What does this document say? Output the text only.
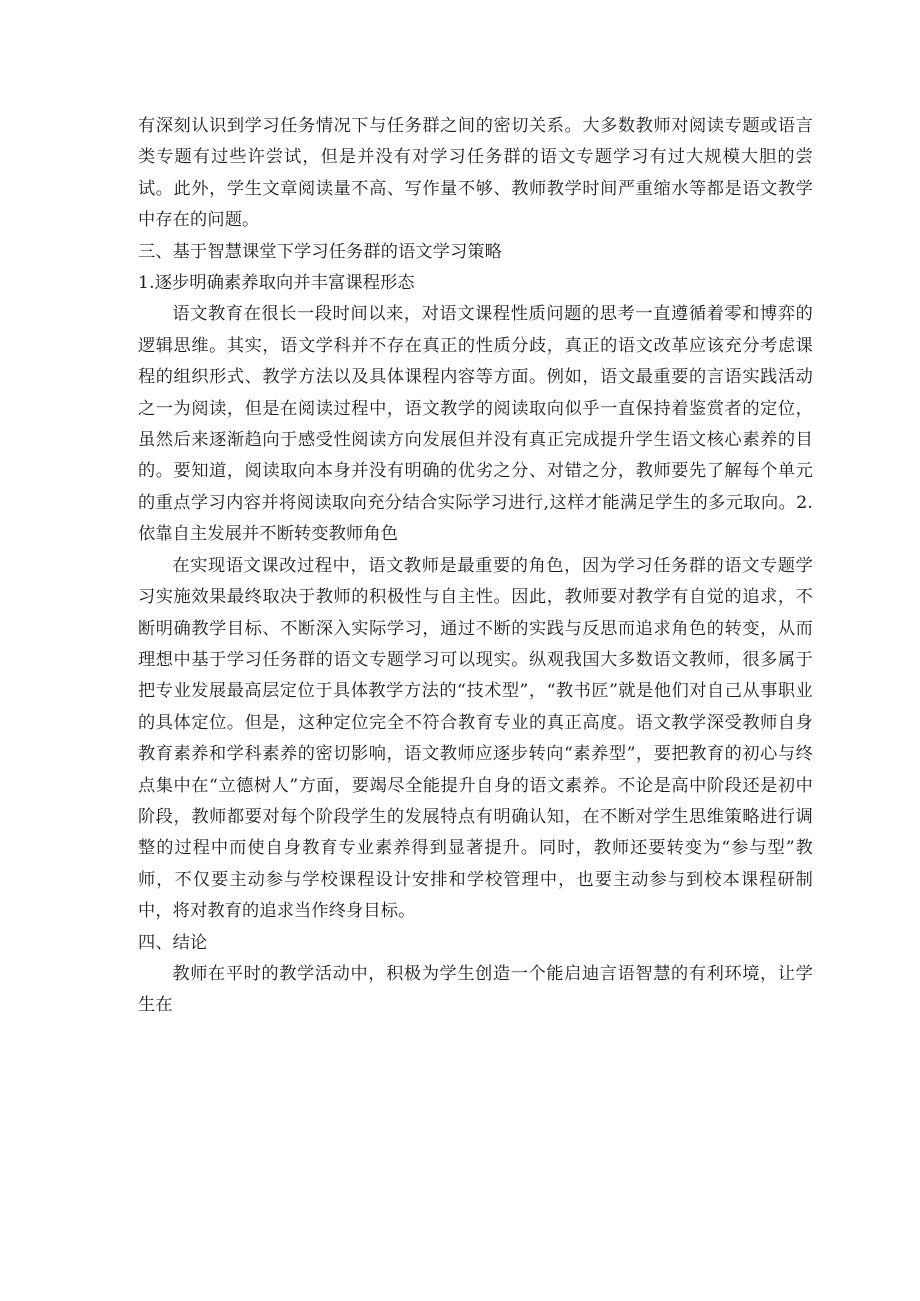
有深刻认识到学习任务情况下与任务群之间的密切关系。大多数教师对阅读专题或语言类专题有过些许尝试，但是并没有对学习任务群的语文专题学习有过大规模大胆的尝试。此外，学生文章阅读量不高、写作量不够、教师教学时间严重缩水等都是语文教学中存在的问题。

三、基于智慧课堂下学习任务群的语文学习策略

1.逐步明确素养取向并丰富课程形态

语文教育在很长一段时间以来，对语文课程性质问题的思考一直遵循着零和博弈的逻辑思维。其实，语文学科并不存在真正的性质分歧，真正的语文改革应该充分考虑课程的组织形式、教学方法以及具体课程内容等方面。例如，语文最重要的言语实践活动之一为阅读，但是在阅读过程中，语文教学的阅读取向似乎一直保持着鉴赏者的定位，虽然后来逐渐趋向于感受性阅读方向发展但并没有真正完成提升学生语文核心素养的目的。要知道，阅读取向本身并没有明确的优劣之分、对错之分，教师要先了解每个单元的重点学习内容并将阅读取向充分结合实际学习进行,这样才能满足学生的多元取向。2.依靠自主发展并不断转变教师角色

在实现语文课改过程中，语文教师是最重要的角色，因为学习任务群的语文专题学习实施效果最终取决于教师的积极性与自主性。因此，教师要对教学有自觉的追求，不断明确教学目标、不断深入实际学习，通过不断的实践与反思而追求角色的转变，从而理想中基于学习任务群的语文专题学习可以现实。纵观我国大多数语文教师，很多属于把专业发展最高层定位于具体教学方法的“技术型”，“教书匠”就是他们对自己从事职业的具体定位。但是，这种定位完全不符合教育专业的真正高度。语文教学深受教师自身教育素养和学科素养的密切影响，语文教师应逐步转向“素养型”，要把教育的初心与终点集中在“立德树人”方面，要竭尽全能提升自身的语文素养。不论是高中阶段还是初中阶段，教师都要对每个阶段学生的发展特点有明确认知，在不断对学生思维策略进行调整的过程中而使自身教育专业素养得到显著提升。同时，教师还要转变为“参与型”教师，不仅要主动参与学校课程设计安排和学校管理中，也要主动参与到校本课程研制中，将对教育的追求当作终身目标。

四、结论

教师在平时的教学活动中，积极为学生创造一个能启迪言语智慧的有利环境，让学生在
